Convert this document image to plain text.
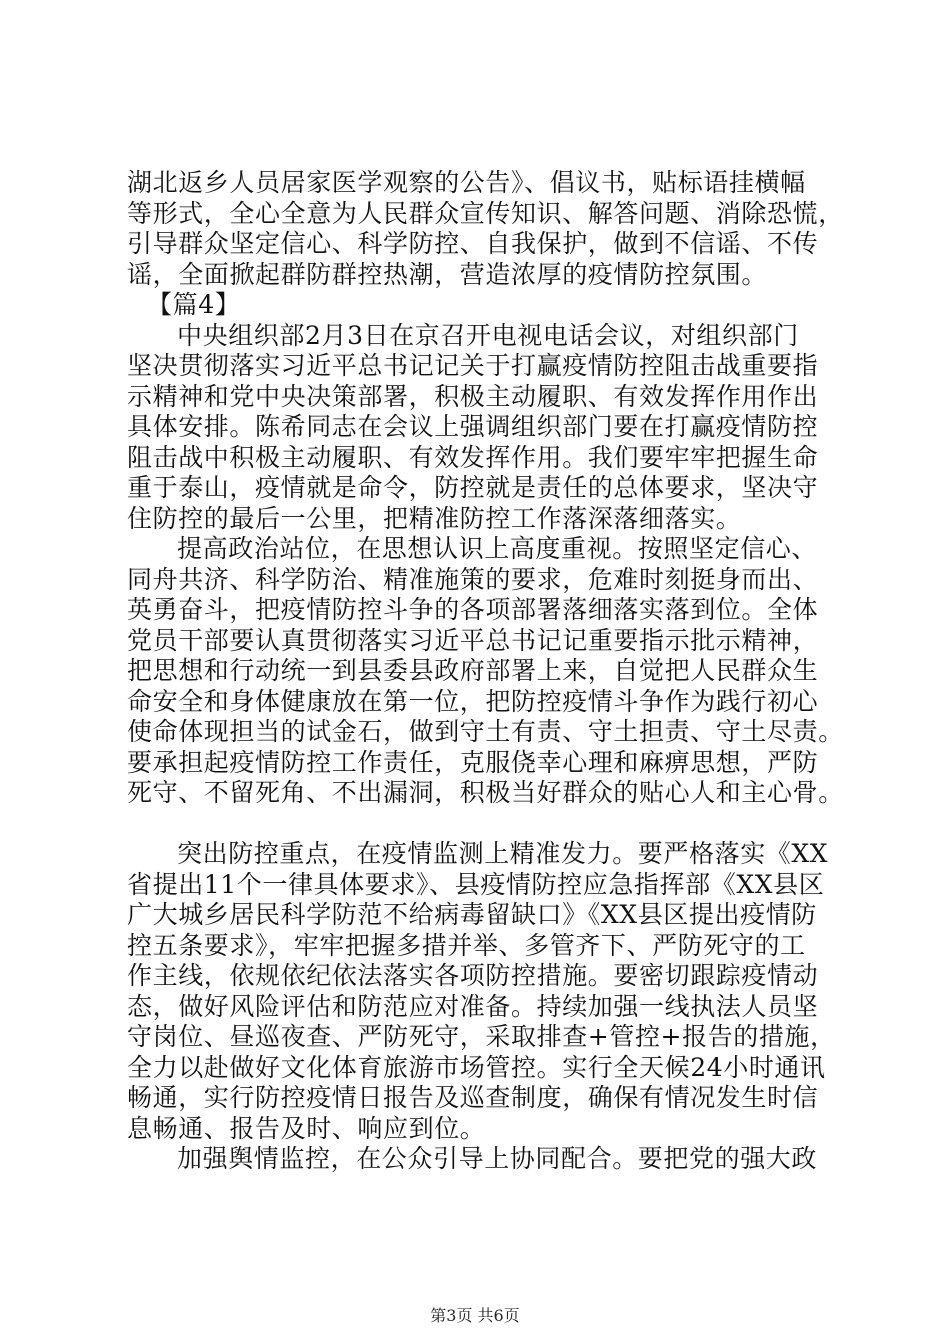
湖北返乡人员居家医学观察的公告》、倡议书，贴标语挂横幅
等形式，全心全意为人民群众宣传知识、解答问题、消除恐慌，
引导群众坚定信心、科学防控、自我保护，做到不信谣、不传
谣，全面掀起群防群控热潮，营造浓厚的疫情防控氛围。
【篇4】
中央组织部2月3日在京召开电视电话会议，对组织部门
坚决贯彻落实习近平总书记记关于打赢疫情防控阻击战重要指
示精神和党中央决策部署，积极主动履职、有效发挥作用作出
具体安排。陈希同志在会议上强调组织部门要在打赢疫情防控
阻击战中积极主动履职、有效发挥作用。我们要牢牢把握生命
重于泰山，疫情就是命令，防控就是责任的总体要求，坚决守
住防控的最后一公里，把精准防控工作落深落细落实。
提高政治站位，在思想认识上高度重视。按照坚定信心、
同舟共济、科学防治、精准施策的要求，危难时刻挺身而出、
英勇奋斗，把疫情防控斗争的各项部署落细落实落到位。全体
党员干部要认真贯彻落实习近平总书记记重要指示批示精神，
把思想和行动统一到县委县政府部署上来，自觉把人民群众生
命安全和身体健康放在第一位，把防控疫情斗争作为践行初心
使命体现担当的试金石，做到守土有责、守土担责、守土尽责。
要承担起疫情防控工作责任，克服侥幸心理和麻痹思想，严防
死守、不留死角、不出漏洞，积极当好群众的贴心人和主心骨。
突出防控重点，在疫情监测上精准发力。要严格落实《XX
省提出11个一律具体要求》、县疫情防控应急指挥部《XX县区
广大城乡居民科学防范不给病毒留缺口》《XX县区提出疫情防
控五条要求》，牢牢把握多措并举、多管齐下、严防死守的工
作主线，依规依纪依法落实各项防控措施。要密切跟踪疫情动
态，做好风险评估和防范应对准备。持续加强一线执法人员坚
守岗位、昼巡夜查、严防死守，采取排查+管控+报告的措施，
全力以赴做好文化体育旅游市场管控。实行全天候24小时通讯
畅通，实行防控疫情日报告及巡查制度，确保有情况发生时信
息畅通、报告及时、响应到位。
加强舆情监控，在公众引导上协同配合。要把党的强大政
第3页 共6页
